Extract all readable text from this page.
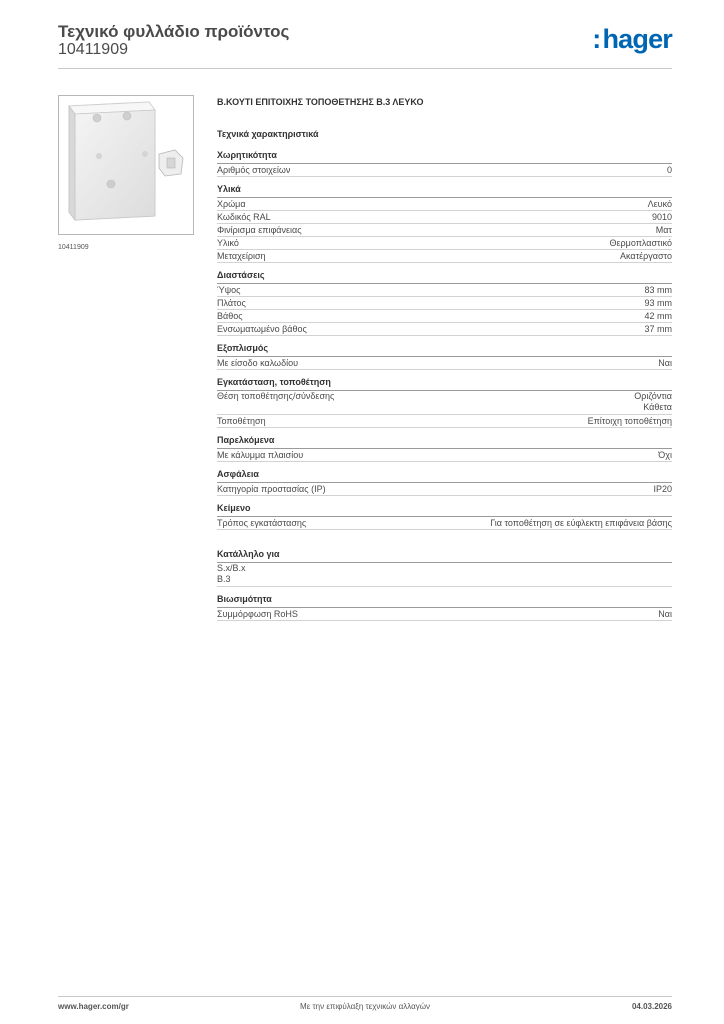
Τεχνικό φυλλάδιο προϊόντος
10411909	:hager
10411909
Β.ΚΟΥΤΙ ΕΠΙΤΟΙΧΗΣ ΤΟΠΟΘΕΤΗΣΗΣ Β.3 ΛΕΥΚΟ
Τεχνικά χαρακτηριστικά
Χωρητικότητα
Αριθμός στοιχείων	0
Υλικά
Χρώμα	Λευκό
Κωδικός RAL	9010
Φινίρισμα επιφάνειας	Ματ
Υλικό	Θερμοπλαστικό
Μεταχείριση	Ακατέργαστο
Διαστάσεις
Ύψος	83 mm
Πλάτος	93 mm
Βάθος	42 mm
Ενσωματωμένο βάθος	37 mm
Εξοπλισμός
Με είσοδο καλωδίου	Ναι
Εγκατάσταση, τοποθέτηση
Θέση τοποθέτησης/σύνδεσης	Οριζόντια
Κάθετα
Τοποθέτηση	Επίτοιχη τοποθέτηση
Παρελκόμενα
Με κάλυμμα πλαισίου	Όχι
Ασφάλεια
Κατηγορία προστασίας (IP)	IP20
Κείμενο
Τρόπος εγκατάστασης	Για τοποθέτηση σε εύφλεκτη επιφάνεια βάσης
Κατάλληλο για
S.x/B.x
B.3
Βιωσιμότητα
Συμμόρφωση RoHS	Ναι
www.hager.com/gr	Με την επιφύλαξη τεχνικών αλλαγών	04.03.2026
